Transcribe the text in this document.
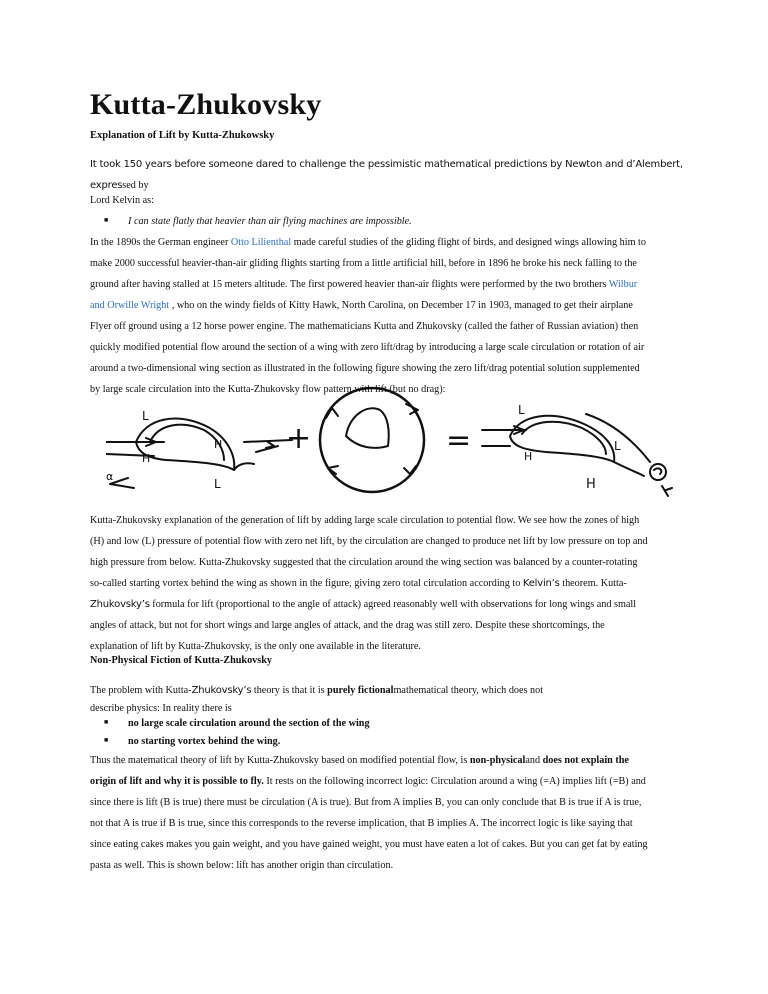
Kutta-Zhukovsky
Explanation of Lift by Kutta-Zhukowsky
It took 150 years before someone dared to challenge the pessimistic mathematical predictions by Newton and d’Alembert, expressed by
Lord Kelvin as:
■ I can state flatly that heavier than air flying machines are impossible.
In the 1890s the German engineer Otto Lilienthal made careful studies of the gliding flight of birds, and designed wings allowing him to
make 2000 successful heavier-than-air gliding flights starting from a little artificial hill, before in 1896 he broke his neck falling to the
ground after having stalled at 15 meters altitude. The first powered heavier than-air flights were performed by the two brothers Wilbur
and Orwille Wright , who on the windy fields of Kitty Hawk, North Carolina, on December 17 in 1903, managed to get their airplane
Flyer off ground using a 12 horse power engine. The mathematicians Kutta and Zhukovsky (called the father of Russian aviation) then
quickly modified potential flow around the section of a wing with zero lift/drag by introducing a large scale circulation or rotation of air
around a two-dimensional wing section as illustrated in the following figure showing the zero lift/drag potential solution supplemented
by large scale circulation into the Kutta-Zhukovsky flow pattern with lift (but no drag):
L
H
H
L
α
+	=
L
H
L
H
Kutta-Zhukovsky explanation of the generation of lift by adding large scale circulation to potential flow. We see how the zones of high
(H) and low (L) pressure of potential flow with zero net lift, by the circulation are changed to produce net lift by low pressure on top and
high pressure from below. Kutta-Zhukovsky suggested that the circulation around the wing section was balanced by a counter-rotating
so-called starting vortex behind the wing as shown in the figure, giving zero total circulation according to Kelvin’s theorem. Kutta-
Zhukovsky’s formula for lift (proportional to the angle of attack) agreed reasonably well with observations for long wings and small
angles of attack, but not for short wings and large angles of attack, and the drag was still zero. Despite these shortcomings, the
explanation of lift by Kutta-Zhukovsky, is the only one available in the literature.
Non-Physical Fiction of Kutta-Zhukovsky
The problem with Kutta-Zhukovsky’s theory is that it is purely fictionalmathematical theory, which does not
describe physics: In reality there is
■ no large scale circulation around the section of the wing
■ no starting vortex behind the wing.
Thus the matematical theory of lift by Kutta-Zhukovsky based on modified potential flow, is non-physicaland does not explain the
origin of lift and why it is possible to fly. It rests on the following incorrect logic: Circulation around a wing (=A) implies lift (=B) and
since there is lift (B is true) there must be circulation (A is true). But from A implies B, you can only conclude that B is true if A is true,
not that A is true if B is true, since this corresponds to the reverse implication, that B implies A. The incorrect logic is like saying that
since eating cakes makes you gain weight, and you have gained weight, you must have eaten a lot of cakes. But you can get fat by eating
pasta as well. This is shown below: lift has another origin than circulation.
